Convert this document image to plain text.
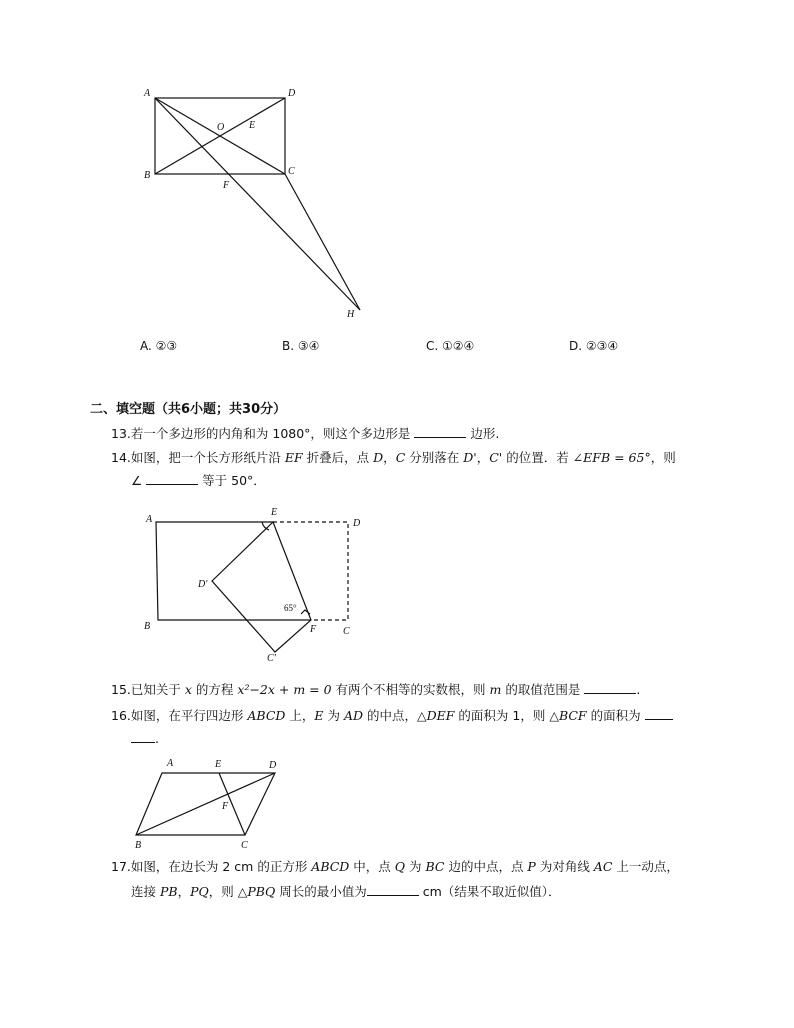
A
B	C
D
O E
F
H
A. ②③	B. ③④	C. ①②④	D. ②③④
二、填空题（共6小题；共30分）
13.若一个多边形的内角和为 1080°，则这个多边形是	边形.
14.如图，把一个长方形纸片沿 EF 折叠后，点 D，C 分别落在 D'，C' 的位置．若 ∠EFB = 65°，则
∠	等于 50°．
A
B	C
D
E
F
D'
C'
65°
15.已知关于 x 的方程 x²−2x + m = 0 有两个不相等的实数根，则 m 的取值范围是	.
16.如图，在平行四边形 ABCD 上，E 为 AD 的中点，△DEF 的面积为 1，则 △BCF 的面积为
.
A
B	C
D
E
F
17.如图，在边长为 2 cm 的正方形 ABCD 中，点 Q 为 BC 边的中点，点 P 为对角线 AC 上一动点，
连接 PB，PQ，则 △PBQ 周长的最小值为	cm（结果不取近似值）．
